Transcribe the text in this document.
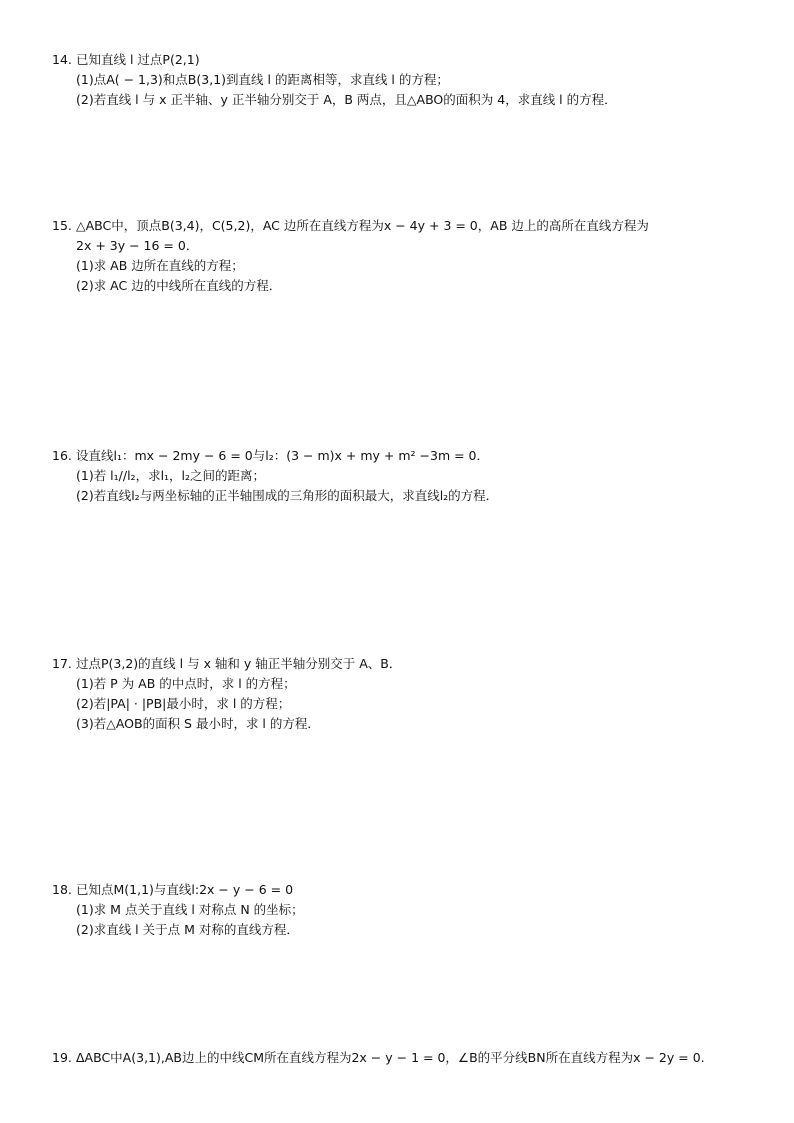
14. 已知直线 l 过点P(2,1)
(1)点A( − 1,3)和点B(3,1)到直线 l 的距离相等，求直线 l 的方程；
(2)若直线 l 与 x 正半轴、y 正半轴分别交于 A，B 两点，且△ABO的面积为 4，求直线 l 的方程．
15. △ABC中，顶点B(3,4)，C(5,2)，AC 边所在直线方程为x − 4y + 3 = 0，AB 边上的高所在直线方程为
2x + 3y − 16 = 0．
(1)求 AB 边所在直线的方程；
(2)求 AC 边的中线所在直线的方程．
16. 设直线l₁：mx − 2my − 6 = 0与l₂：(3 − m)x + my + m² −3m = 0．
(1)若 l₁//l₂，求l₁，l₂之间的距离；
(2)若直线l₂与两坐标轴的正半轴围成的三角形的面积最大，求直线l₂的方程．
17. 过点P(3,2)的直线 l 与 x 轴和 y 轴正半轴分别交于 A、B．
(1)若 P 为 AB 的中点时，求 l 的方程；
(2)若|PA| · |PB|最小时，求 l 的方程；
(3)若△AOB的面积 S 最小时，求 l 的方程．
18. 已知点M(1,1)与直线l:2x − y − 6 = 0
(1)求 M 点关于直线 l 对称点 N 的坐标；
(2)求直线 l 关于点 M 对称的直线方程．
19. ΔABC中A(3,1),AB边上的中线CM所在直线方程为2x − y − 1 = 0，∠B的平分线BN所在直线方程为x − 2y = 0.
